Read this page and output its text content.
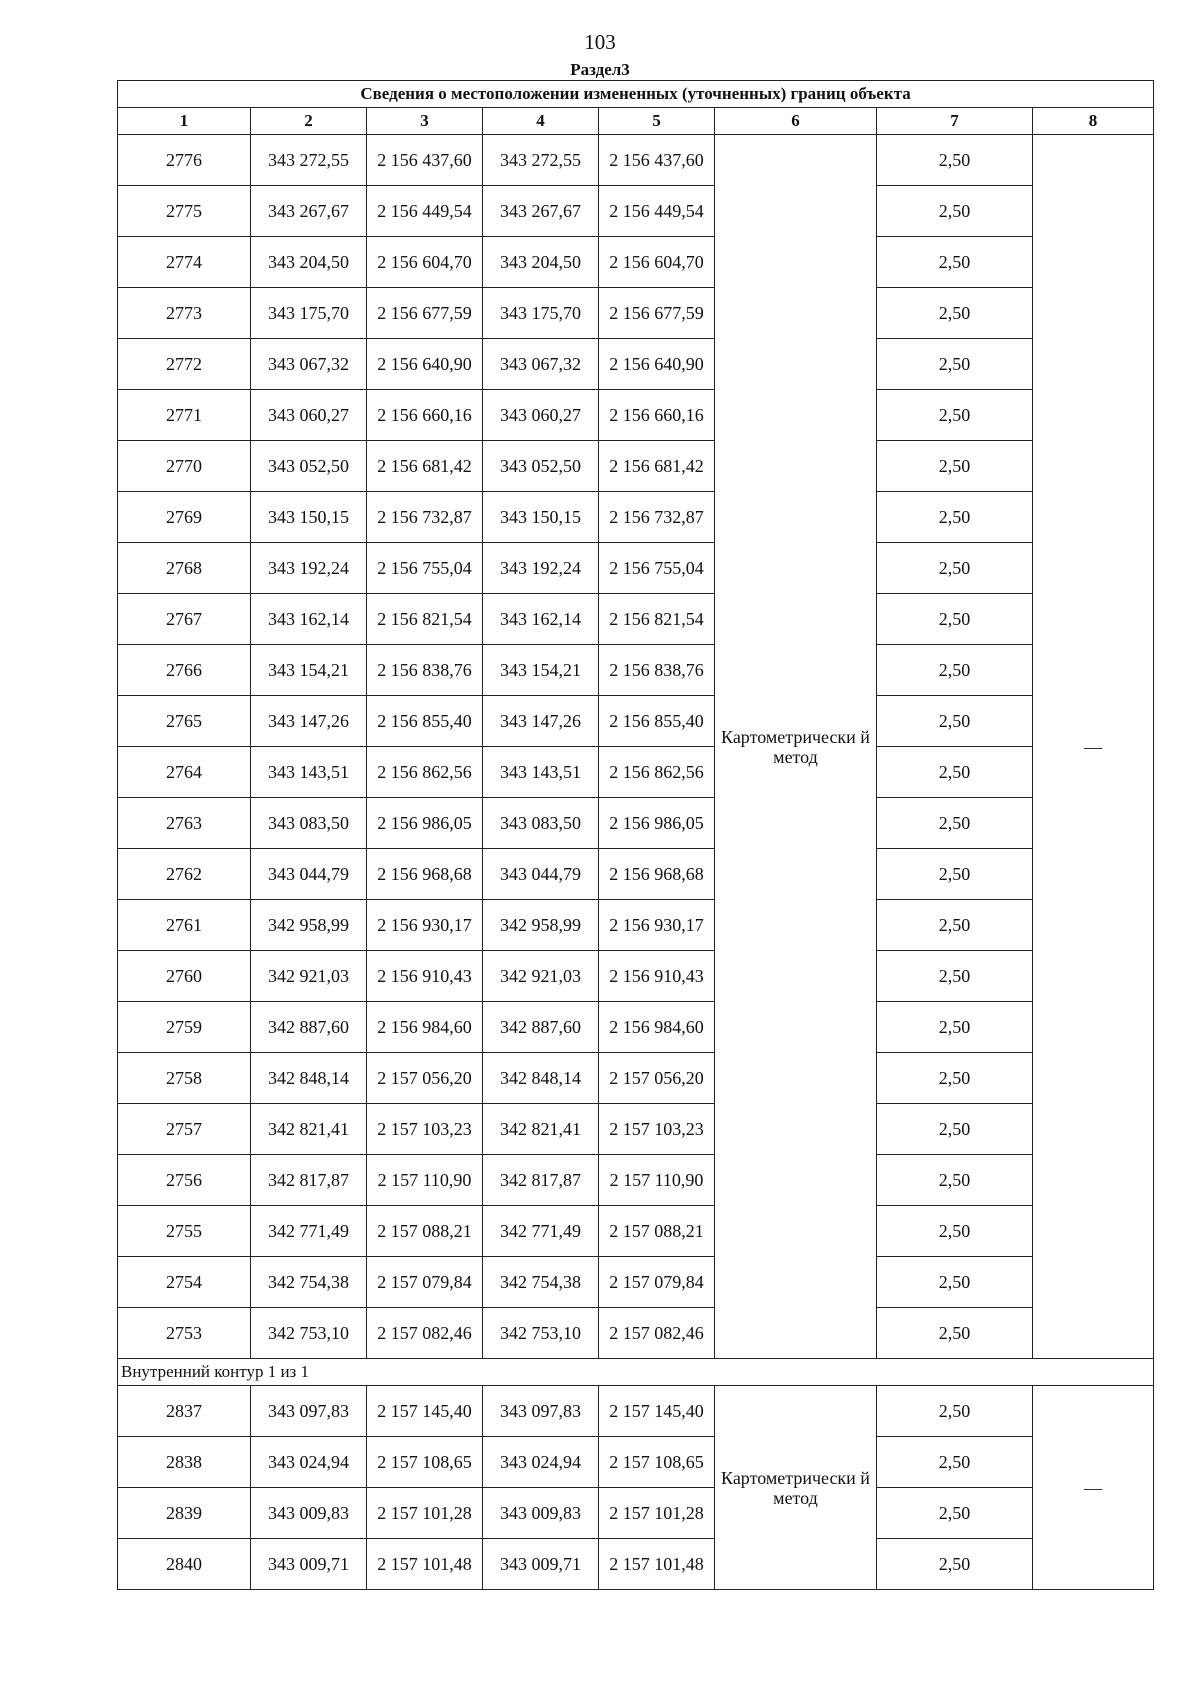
103
Раздел3
Сведения о местоположении измененных (уточненных) границ объекта							
1	2	3	4	5	6	7	8
2776	343 272,55	2 156 437,60	343 272,55	2 156 437,60	Картометрически й метод	2,50	—
2775	343 267,67	2 156 449,54	343 267,67	2 156 449,54		2,50	
2774	343 204,50	2 156 604,70	343 204,50	2 156 604,70		2,50	
2773	343 175,70	2 156 677,59	343 175,70	2 156 677,59		2,50	
2772	343 067,32	2 156 640,90	343 067,32	2 156 640,90		2,50	
2771	343 060,27	2 156 660,16	343 060,27	2 156 660,16		2,50	
2770	343 052,50	2 156 681,42	343 052,50	2 156 681,42		2,50	
2769	343 150,15	2 156 732,87	343 150,15	2 156 732,87		2,50	
2768	343 192,24	2 156 755,04	343 192,24	2 156 755,04		2,50	
2767	343 162,14	2 156 821,54	343 162,14	2 156 821,54		2,50	
2766	343 154,21	2 156 838,76	343 154,21	2 156 838,76		2,50	
2765	343 147,26	2 156 855,40	343 147,26	2 156 855,40		2,50	
2764	343 143,51	2 156 862,56	343 143,51	2 156 862,56		2,50	
2763	343 083,50	2 156 986,05	343 083,50	2 156 986,05		2,50	
2762	343 044,79	2 156 968,68	343 044,79	2 156 968,68		2,50	
2761	342 958,99	2 156 930,17	342 958,99	2 156 930,17		2,50	
2760	342 921,03	2 156 910,43	342 921,03	2 156 910,43		2,50	
2759	342 887,60	2 156 984,60	342 887,60	2 156 984,60		2,50	
2758	342 848,14	2 157 056,20	342 848,14	2 157 056,20		2,50	
2757	342 821,41	2 157 103,23	342 821,41	2 157 103,23		2,50	
2756	342 817,87	2 157 110,90	342 817,87	2 157 110,90		2,50	
2755	342 771,49	2 157 088,21	342 771,49	2 157 088,21		2,50	
2754	342 754,38	2 157 079,84	342 754,38	2 157 079,84		2,50	
2753	342 753,10	2 157 082,46	342 753,10	2 157 082,46		2,50	
Внутренний контур 1 из 1							
2837	343 097,83	2 157 145,40	343 097,83	2 157 145,40	Картометрически й метод	2,50	—
2838	343 024,94	2 157 108,65	343 024,94	2 157 108,65		2,50	
2839	343 009,83	2 157 101,28	343 009,83	2 157 101,28		2,50	
2840	343 009,71	2 157 101,48	343 009,71	2 157 101,48		2,50	
